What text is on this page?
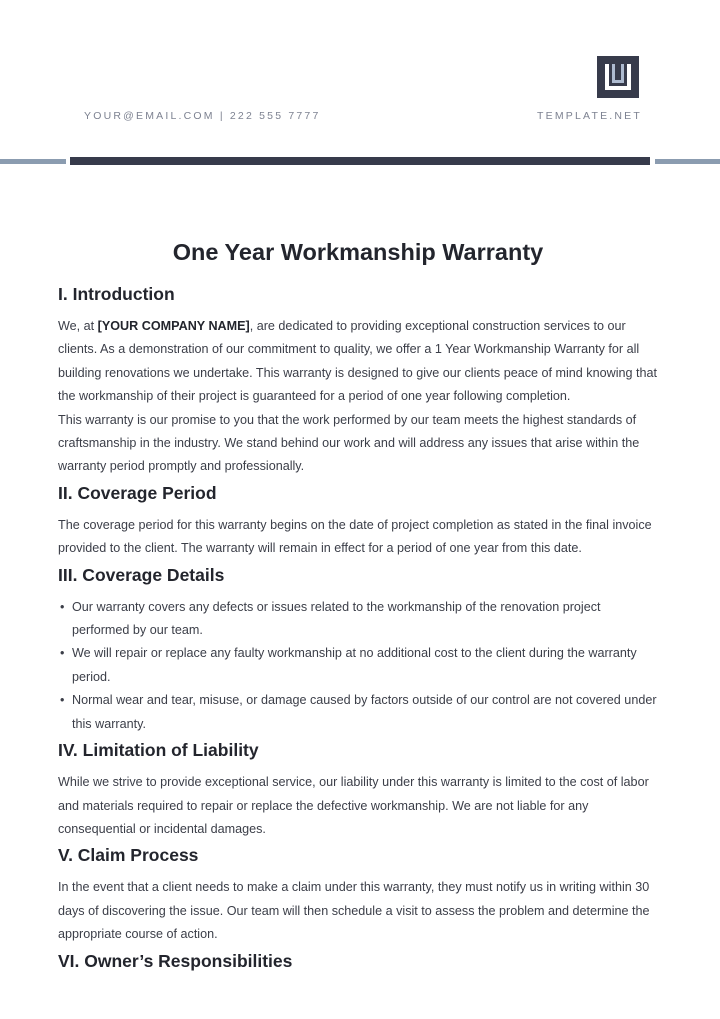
YOUR@EMAIL.COM | 222 555 7777	TEMPLATE.NET
One Year Workmanship Warranty
I. Introduction

We, at [YOUR COMPANY NAME], are dedicated to providing exceptional construction services to our clients. As a demonstration of our commitment to quality, we offer a 1 Year Workmanship Warranty for all building renovations we undertake. This warranty is designed to give our clients peace of mind knowing that the workmanship of their project is guaranteed for a period of one year following completion.

This warranty is our promise to you that the work performed by our team meets the highest standards of craftsmanship in the industry. We stand behind our work and will address any issues that arise within the warranty period promptly and professionally.

II. Coverage Period

The coverage period for this warranty begins on the date of project completion as stated in the final invoice provided to the client. The warranty will remain in effect for a period of one year from this date.

III. Coverage Details
• Our warranty covers any defects or issues related to the workmanship of the renovation project performed by our team.
• We will repair or replace any faulty workmanship at no additional cost to the client during the warranty period.
• Normal wear and tear, misuse, or damage caused by factors outside of our control are not covered under this warranty.
IV. Limitation of Liability

While we strive to provide exceptional service, our liability under this warranty is limited to the cost of labor and materials required to repair or replace the defective workmanship. We are not liable for any consequential or incidental damages.

V. Claim Process

In the event that a client needs to make a claim under this warranty, they must notify us in writing within 30 days of discovering the issue. Our team will then schedule a visit to assess the problem and determine the appropriate course of action.

VI. Owner’s Responsibilities
